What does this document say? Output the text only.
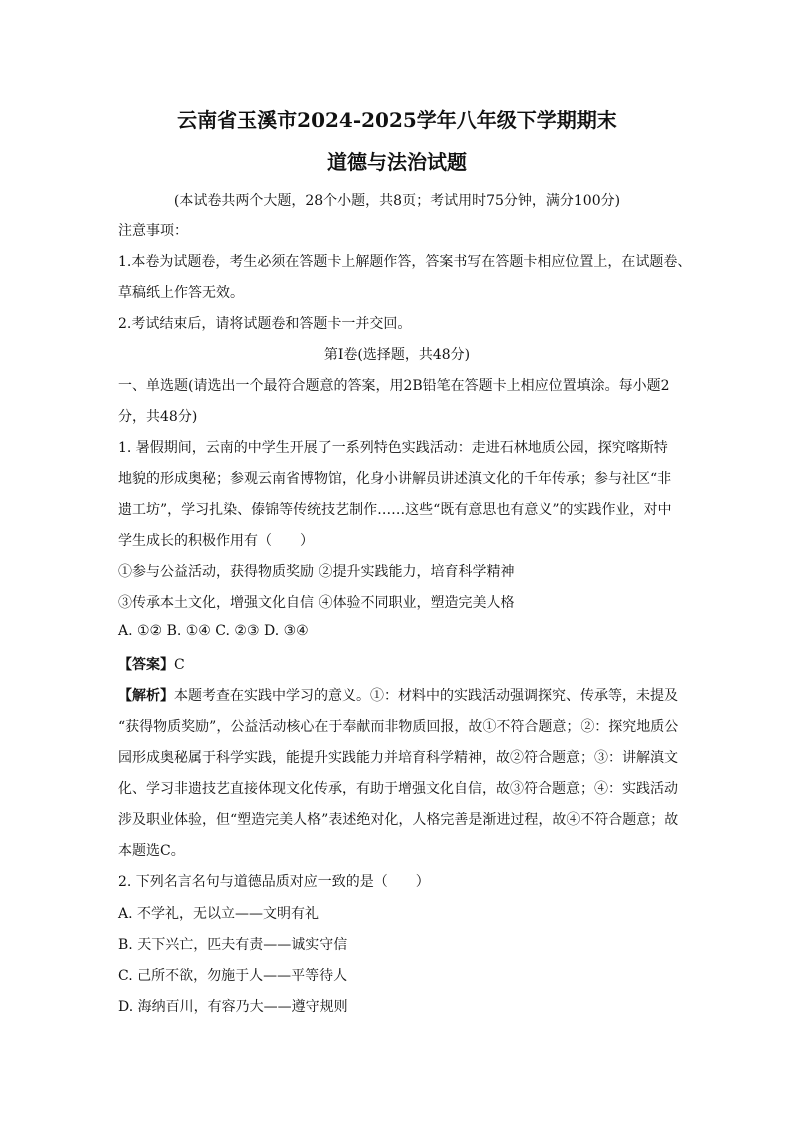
云南省玉溪市2024-2025学年八年级下学期期末
道德与法治试题
(本试卷共两个大题，28个小题，共8页；考试用时75分钟，满分100分)
注意事项：
1.本卷为试题卷，考生必须在答题卡上解题作答，答案书写在答题卡相应位置上，在试题卷、
草稿纸上作答无效。
2.考试结束后，请将试题卷和答题卡一并交回。
第Ⅰ卷(选择题，共48分)
一、单选题(请选出一个最符合题意的答案，用2B铅笔在答题卡上相应位置填涂。每小题2
分，共48分)
1. 暑假期间，云南的中学生开展了一系列特色实践活动：走进石林地质公园，探究喀斯特
地貌的形成奥秘；参观云南省博物馆，化身小讲解员讲述滇文化的千年传承；参与社区“非
遗工坊”，学习扎染、傣锦等传统技艺制作……这些“既有意思也有意义”的实践作业，对中
学生成长的积极作用有（　　）
①参与公益活动，获得物质奖励 ②提升实践能力，培育科学精神
③传承本土文化，增强文化自信 ④体验不同职业，塑造完美人格
A. ①② B. ①④ C. ②③ D. ③④
【答案】C
【解析】本题考查在实践中学习的意义。①：材料中的实践活动强调探究、传承等，未提及
“获得物质奖励”，公益活动核心在于奉献而非物质回报，故①不符合题意；②：探究地质公
园形成奥秘属于科学实践，能提升实践能力并培育科学精神，故②符合题意；③：讲解滇文
化、学习非遗技艺直接体现文化传承，有助于增强文化自信，故③符合题意；④：实践活动
涉及职业体验，但“塑造完美人格”表述绝对化，人格完善是渐进过程，故④不符合题意；故
本题选C。
2. 下列名言名句与道德品质对应一致的是（　　）
A. 不学礼，无以立——文明有礼
B. 天下兴亡，匹夫有责——诚实守信
C. 己所不欲，勿施于人——平等待人
D. 海纳百川，有容乃大——遵守规则
